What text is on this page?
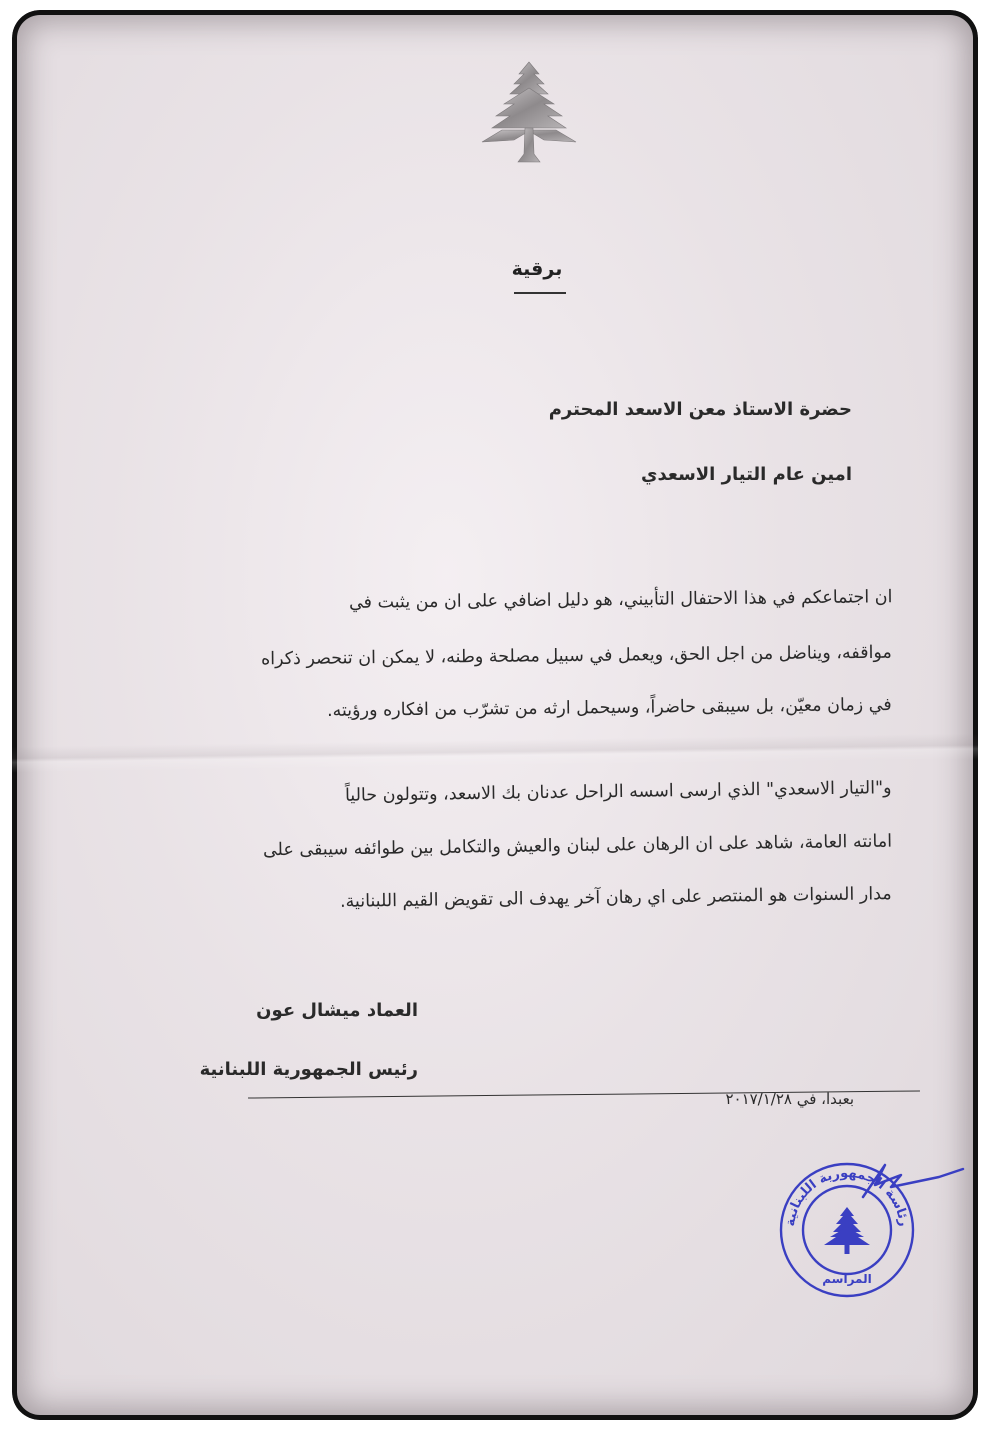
برقية
حضرة الاستاذ معن الاسعد المحترم
امين عام التيار الاسعدي
ان اجتماعكم في هذا الاحتفال التأبيني، هو دليل اضافي على ان من يثبت في
مواقفه، ويناضل من اجل الحق، ويعمل في سبيل مصلحة وطنه، لا يمكن ان تنحصر ذكراه
في زمان معيّن، بل سيبقى حاضراً، وسيحمل ارثه من تشرّب من افكاره ورؤيته.
و"التيار الاسعدي" الذي ارسى اسسه الراحل عدنان بك الاسعد، وتتولون حالياً
امانته العامة، شاهد على ان الرهان على لبنان والعيش والتكامل بين طوائفه سيبقى على
مدار السنوات هو المنتصر على اي رهان آخر يهدف الى تقويض القيم اللبنانية.
العماد ميشال عون
رئيس الجمهورية اللبنانية
بعبدا، في ٢٠١٧/١/٢٨
رئاسة الجمهورية اللبنانية
المراسم
